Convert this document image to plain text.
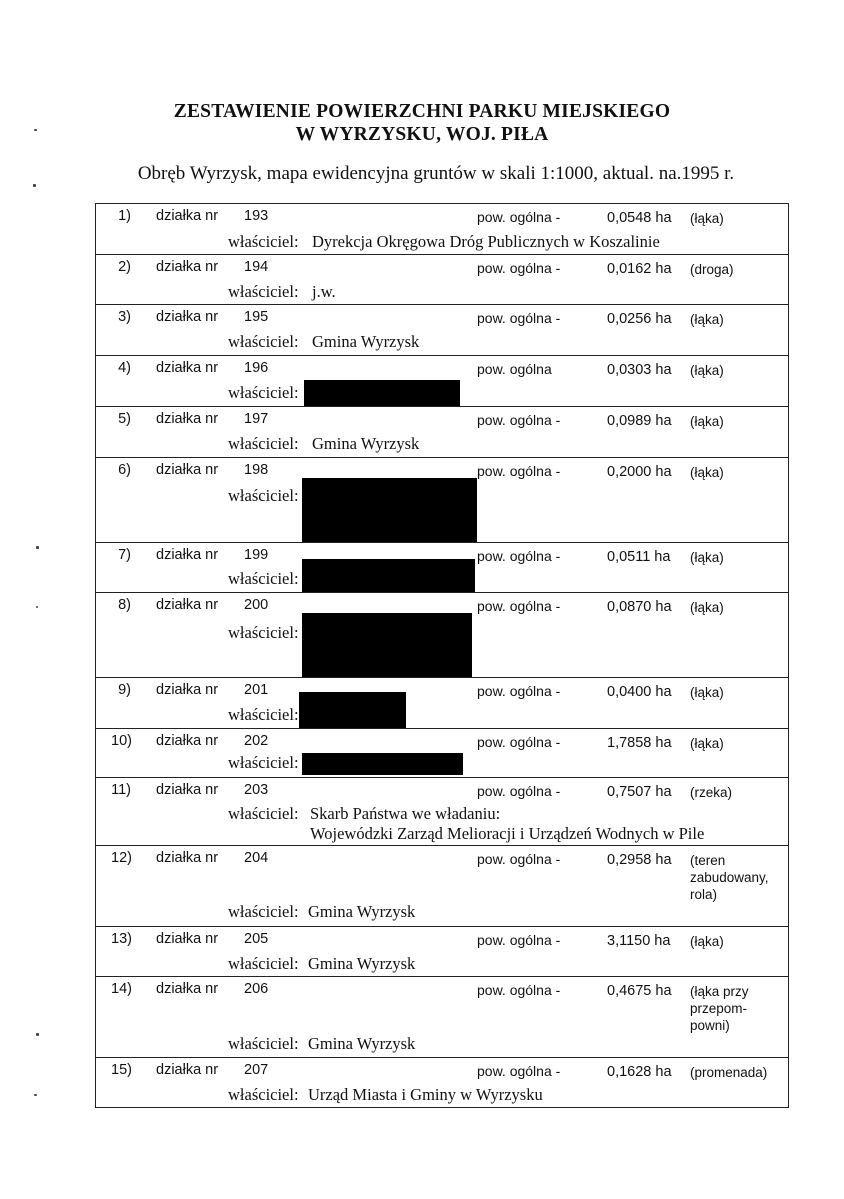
ZESTAWIENIE POWIERZCHNI PARKU MIEJSKIEGO
W WYRZYSKU, WOJ. PIŁA
Obręb Wyrzysk, mapa ewidencyjna gruntów w skali 1:1000, aktual. na.1995 r.
1) działka nr 193	pow. ogólna -	0,0548 ha (łąka)
właściciel: Dyrekcja Okręgowa Dróg Publicznych w Koszalinie
2) działka nr 194	pow. ogólna -	0,0162 ha (droga)
właściciel: j.w.
3) działka nr 195	pow. ogólna -	0,0256 ha (łąka)
właściciel: Gmina Wyrzysk
4) działka nr 196	pow. ogólna	0,0303 ha (łąka)
właściciel:
5) działka nr 197	pow. ogólna -	0,0989 ha (łąka)
właściciel: Gmina Wyrzysk
6) działka nr 198	pow. ogólna -	0,2000 ha (łąka)
właściciel:
7) działka nr 199	pow. ogólna -	0,0511 ha (łąka)
właściciel:
8) działka nr 200	pow. ogólna -	0,0870 ha (łąka)
właściciel:
9) działka nr 201	pow. ogólna -	0,0400 ha (łąka)
właściciel:
10) działka nr 202	pow. ogólna -	1,7858 ha (łąka)
właściciel:
11) działka nr 203	pow. ogólna -	0,7507 ha (rzeka)
właściciel: Skarb Państwa we władaniu:
Wojewódzki Zarząd Melioracji i Urządzeń Wodnych w Pile
12) działka nr 204	pow. ogólna -	0,2958 ha (teren
zabudowany,
rola)
właściciel: Gmina Wyrzysk
13) działka nr 205	pow. ogólna -	3,1150 ha (łąka)
właściciel: Gmina Wyrzysk
14) działka nr 206	pow. ogólna -	0,4675 ha (łąka przy
przepom-
powni)
właściciel: Gmina Wyrzysk
15) działka nr 207	pow. ogólna -	0,1628 ha (promenada)
właściciel: Urząd Miasta i Gminy w Wyrzysku
